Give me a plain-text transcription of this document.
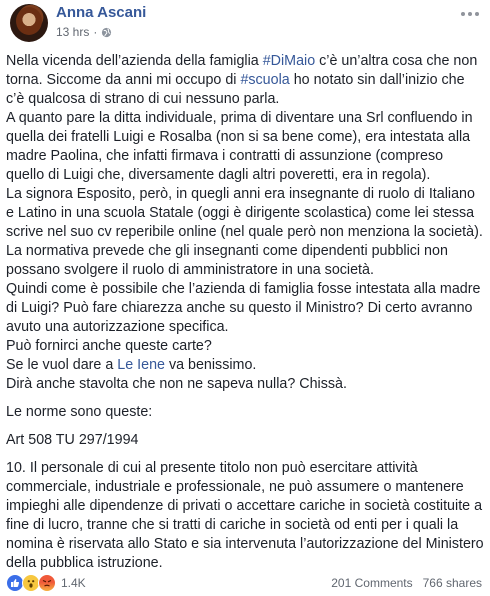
Anna Ascani
13 hrs ·

Nella vicenda dell’azienda della famiglia #DiMaio c’è un’altra cosa che non torna. Siccome da anni mi occupo di #scuola ho notato sin dall’inizio che c’è qualcosa di strano di cui nessuno parla.

A quanto pare la ditta individuale, prima di diventare una Srl confluendo in quella dei fratelli Luigi e Rosalba (non si sa bene come), era intestata alla madre Paolina, che infatti firmava i contratti di assunzione (compreso quello di Luigi che, diversamente dagli altri poveretti, era in regola).

La signora Esposito, però, in quegli anni era insegnante di ruolo di Italiano e Latino in una scuola Statale (oggi è dirigente scolastica) come lei stessa scrive nel suo cv reperibile online (nel quale però non menziona la società).

La normativa prevede che gli insegnanti come dipendenti pubblici non possano svolgere il ruolo di amministratore in una società.

Quindi come è possibile che l’azienda di famiglia fosse intestata alla madre di Luigi? Può fare chiarezza anche su questo il Ministro? Di certo avranno avuto una autorizzazione specifica.

Può fornirci anche queste carte?

Se le vuol dare a Le Iene va benissimo.

Dirà anche stavolta che non ne sapeva nulla? Chissà.

Le norme sono queste:

Art 508 TU 297/1994

10. Il personale di cui al presente titolo non può esercitare attività commerciale, industriale e professionale, ne può assumere o mantenere impieghi alle dipendenze di privati o accettare cariche in società costituite a fine di lucro, tranne che si tratti di cariche in società od enti per i quali la nomina è riservata allo Stato e sia intervenuta l’autorizzazione del Ministero della pubblica istruzione.

1.4K	201 Comments 766 shares
